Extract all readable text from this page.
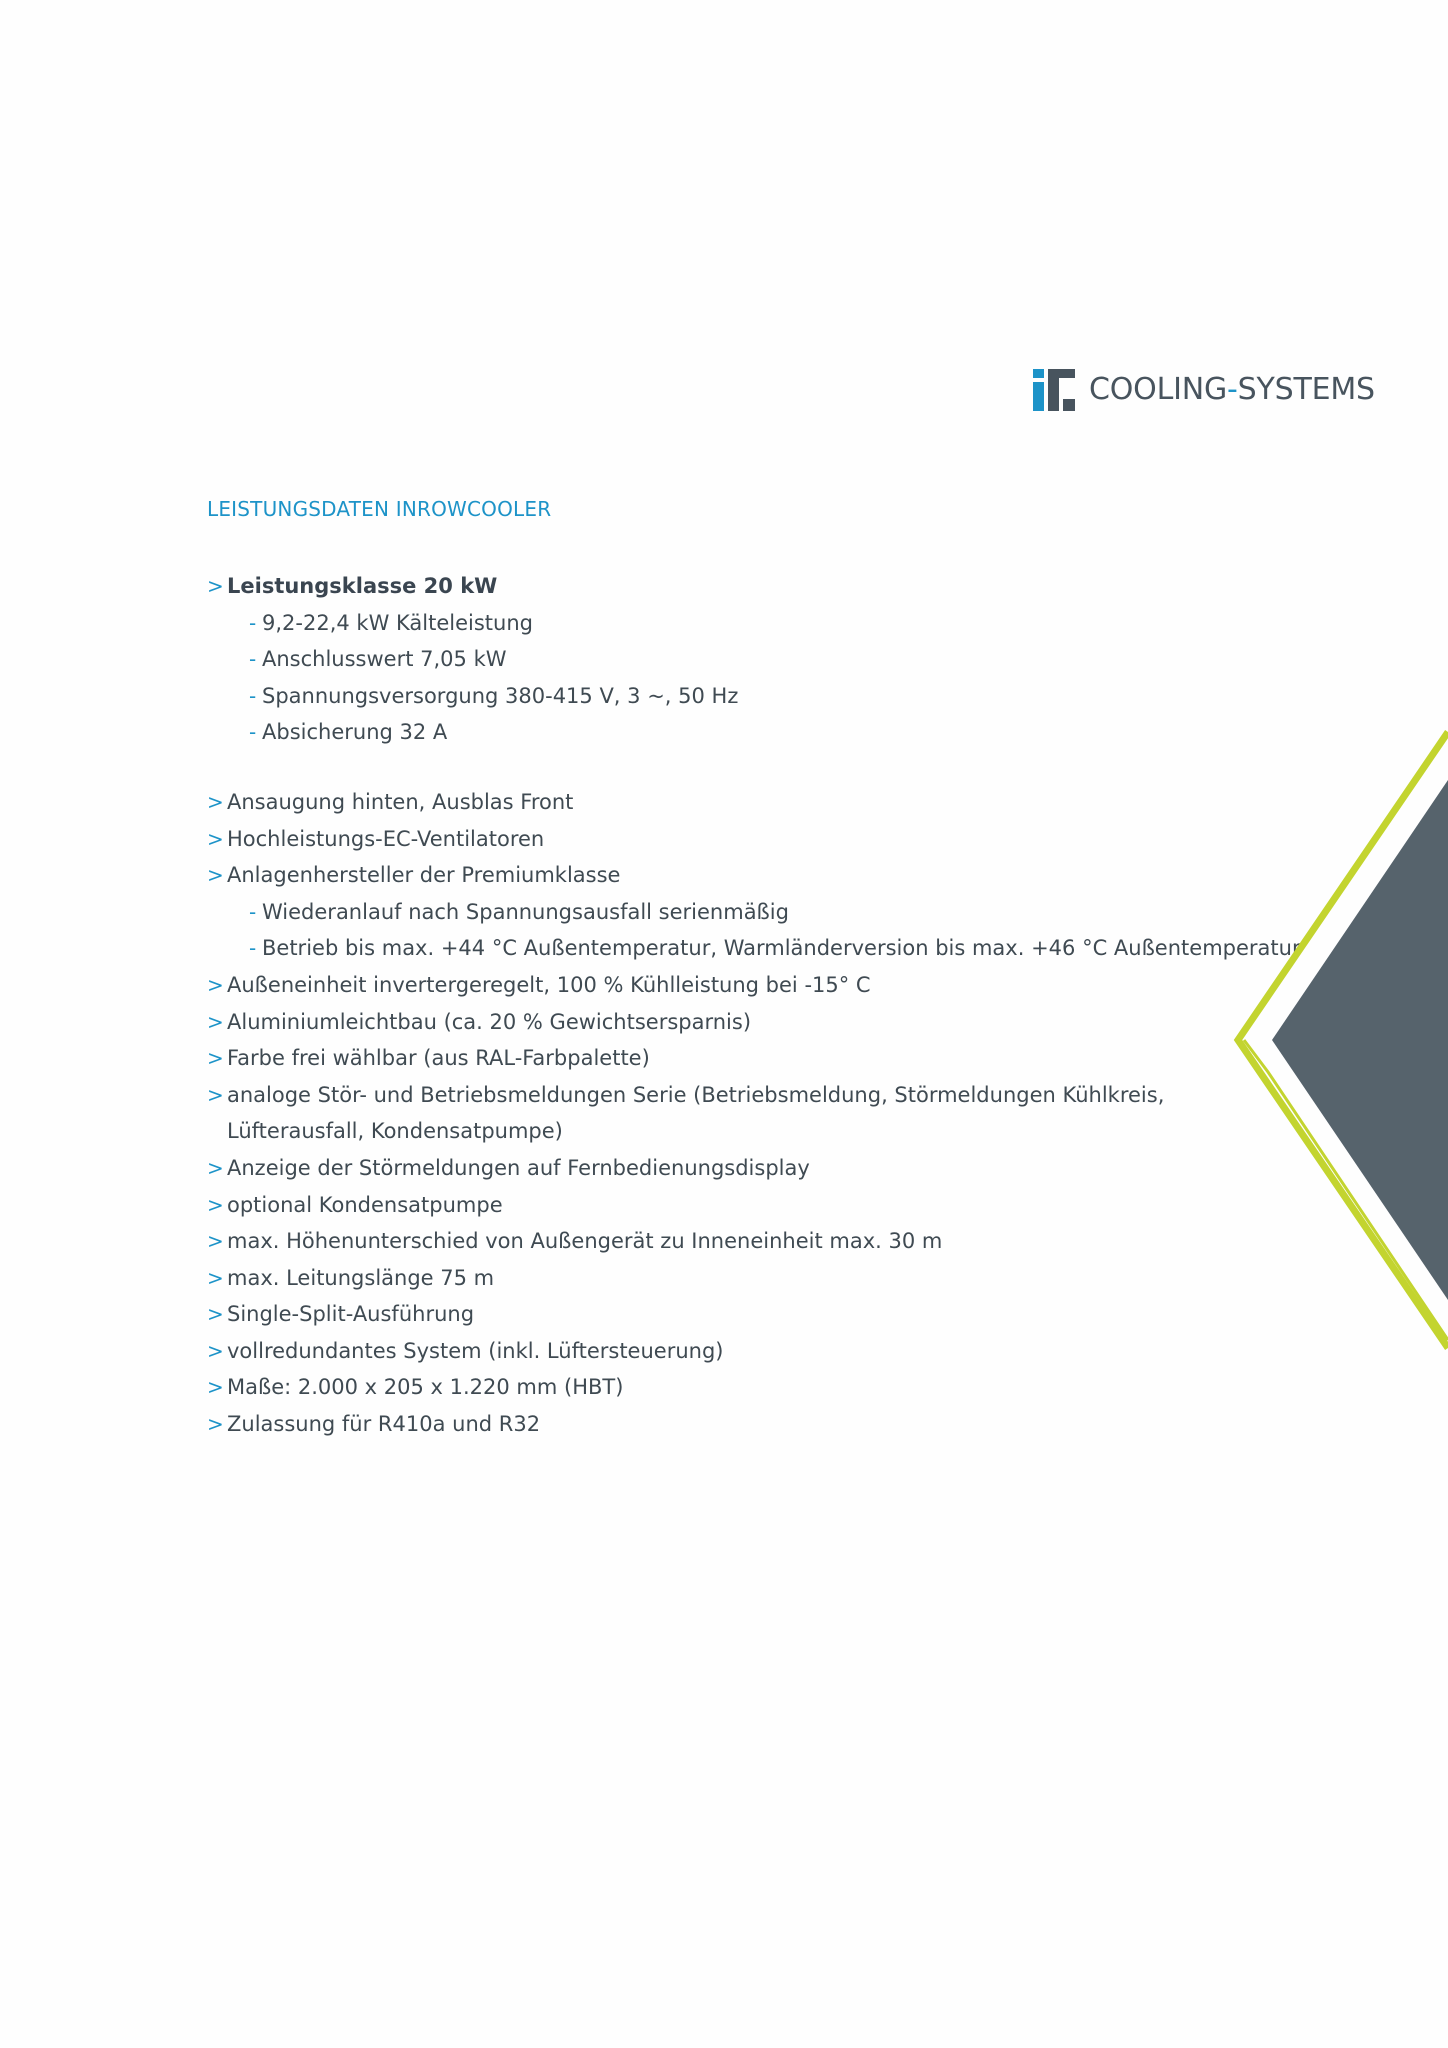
COOLING-SYSTEMS
LEISTUNGSDATEN INROWCOOLER
> Leistungsklasse 20 kW
- 9,2-22,4 kW Kälteleistung
- Anschlusswert 7,05 kW
- Spannungsversorgung 380-415 V, 3 ~, 50 Hz
- Absicherung 32 A
> Ansaugung hinten, Ausblas Front
> Hochleistungs-EC-Ventilatoren
> Anlagenhersteller der Premiumklasse
- Wiederanlauf nach Spannungsausfall serienmäßig
- Betrieb bis max. +44 °C Außentemperatur, Warmländerversion bis max. +46 °C Außentemperatur
> Außeneinheit invertergeregelt, 100 % Kühlleistung bei -15° C
> Aluminiumleichtbau (ca. 20 % Gewichtsersparnis)
> Farbe frei wählbar (aus RAL-Farbpalette)
> analoge Stör- und Betriebsmeldungen Serie (Betriebsmeldung, Störmeldungen Kühlkreis,
Lüfterausfall, Kondensatpumpe)
> Anzeige der Störmeldungen auf Fernbedienungsdisplay
> optional Kondensatpumpe
> max. Höhenunterschied von Außengerät zu Inneneinheit max. 30 m
> max. Leitungslänge 75 m
> Single-Split-Ausführung
> vollredundantes System (inkl. Lüftersteuerung)
> Maße: 2.000 x 205 x 1.220 mm (HBT)
> Zulassung für R410a und R32
